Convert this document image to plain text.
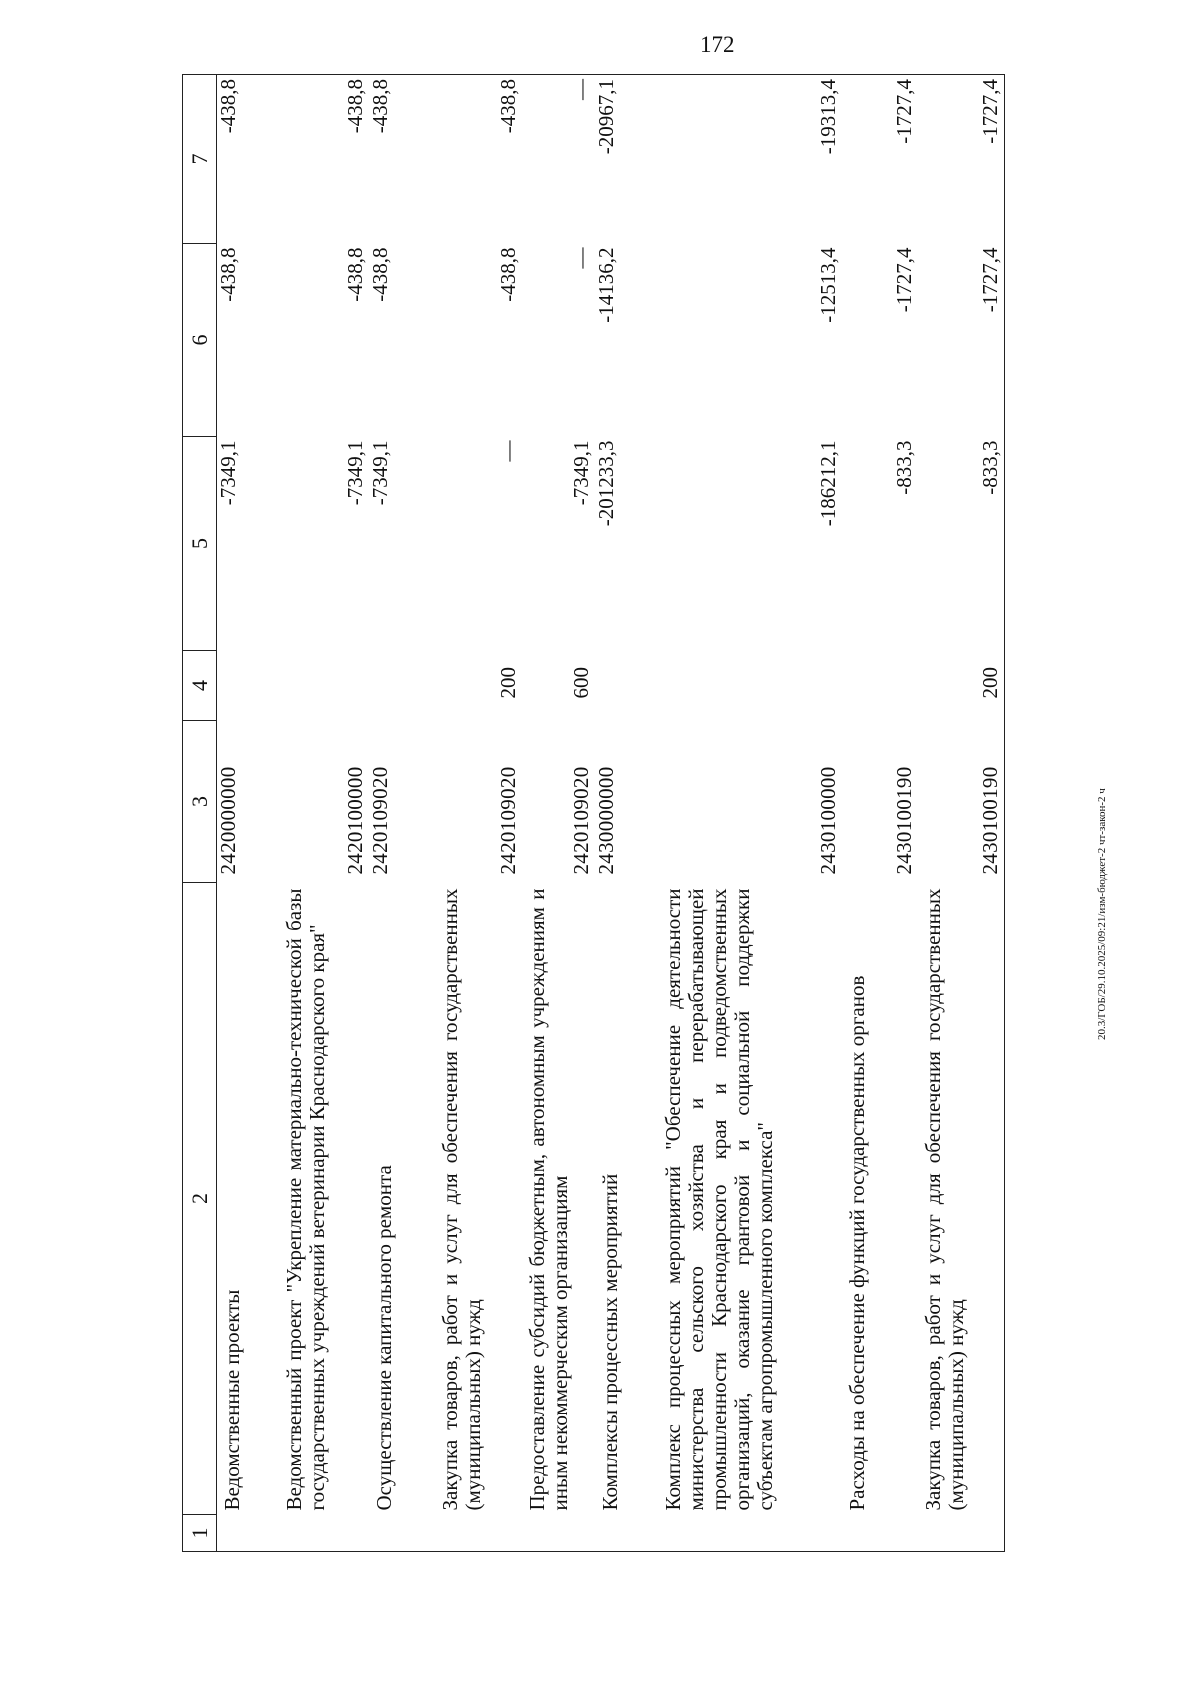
172
1	2	3	4	5	6	7
	Ведомственные проекты	2420000000		-7349,1	-438,8	-438,8
	Ведомственный проект "Укрепление материально-технической базы государственных учреждений ветеринарии Краснодарского края"	2420100000		-7349,1	-438,8	-438,8
	Осуществление капитального ремонта	2420109020		-7349,1	-438,8	-438,8
	Закупка товаров, работ и услуг для обеспечения государственных (муниципальных) нужд	2420109020	200	—	-438,8	-438,8
	Предоставление субсидий бюджетным, автономным учреждениям и иным некоммерческим организациям	2420109020	600	-7349,1	—	—
	Комплексы процессных мероприятий	2430000000		-201233,3	-14136,2	-20967,1
	Комплекс процессных мероприятий "Обеспечение деятельности министерства сельского хозяйства и перерабатывающей промышленности Краснодарского края и подведомственных организаций, оказание грантовой и социальной поддержки субъектам агропромышленного комплекса"	2430100000		-186212,1	-12513,4	-19313,4
	Расходы на обеспечение функций государственных органов	2430100190		-833,3	-1727,4	-1727,4
	Закупка товаров, работ и услуг для обеспечения государственных (муниципальных) нужд	2430100190	200	-833,3	-1727,4	-1727,4
20.3/ГОБ/29.10.2025/09:21/изм-бюджет-2 чт-закон-2 ч
